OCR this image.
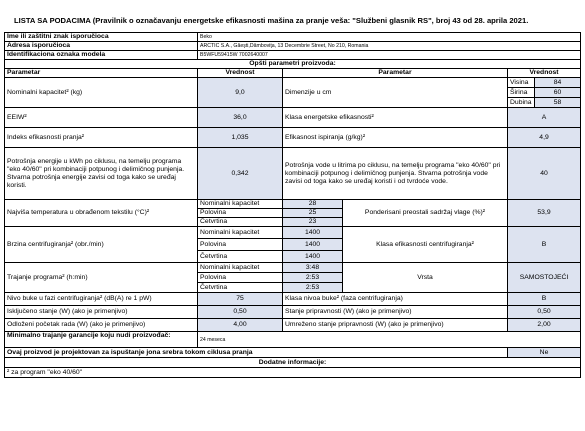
LISTA SA PODACIMA (Pravilnik o označavanju energetske efikasnosti mašina za pranje veša: "Službeni glasnik RS", broj 43 od 28. aprila 2021.
Ime ili zaštitni znak isporučioca	Beko				
Adresa isporučioca	ARCTIC S.A., Găeşti,Dâmboviţa, 13 Decembrie Street, No 210, Romania				
Identifikaciona oznaka modela	B5WFU59415W 7002640007				
Opšti parametri proizvoda:					
Parametar	Vrednost	Parametar		Vrednost	
Nominalni kapacitet² (kg)	9,0	Dimenzije u cm		Visina	84
				Širina	60
				Dubina	58
EEIW²	36,0	Klasa energetske efikasnosti²		A	
Indeks efikasnosti pranja²	1,035	Efikasnost ispiranja (g/kg)²		4,9	
Potrošnja energije u kWh po ciklusu, na temelju programa "eko 40/60" pri kombinaciji potpunog i delimičnog punjenja. Stvarna potrošnja energije zavisi od toga kako se uređaj koristi.	0,342	Potrošnja vode u litrima po ciklusu, na temelju programa "eko 40/60" pri kombinaciji potpunog i delimičnog punjenja. Stvarna potrošnja vode zavisi od toga kako se uređaj koristi i od tvrdoće vode.		40	
Najviša temperatura u obrađenom tekstilu (°C)²	Nominalni kapacitet	28	Ponderisani preostali sadržaj vlage (%)²	53,9	
	Polovina	25			
	Četvrtina	23			
Brzina centrifugiranja² (obr./min)	Nominalni kapacitet	1400	Klasa efikasnosti centrifugiranja²	B	
	Polovina	1400			
	Četvrtina	1400			
Trajanje programa² (h:min)	Nominalni kapacitet	3:48	Vrsta	SAMOSTOJEĆI	
	Polovina	2:53			
	Četvrtina	2:53			
Nivo buke u fazi centrifugiranja² (dB(A) re 1 pW)	75	Klasa nivoa buke² (faza centrifugiranja)		B	
Isključeno stanje (W) (ako je primenjivo)	0,50	Stanje pripravnosti (W) (ako je primenjivo)		0,50	
Odloženi početak rada (W) (ako je primenjivo)	4,00	Umreženo stanje pripravnosti (W) (ako je primenjivo)		2,00	
Minimalno trajanje garancije koju nudi proizvođač:	24 meseca				
Ovaj proizvod je projektovan za ispuštanje jona srebra tokom ciklusa pranja				Ne	
Dodatne informacije:					
² za program "eko 40/60"					
